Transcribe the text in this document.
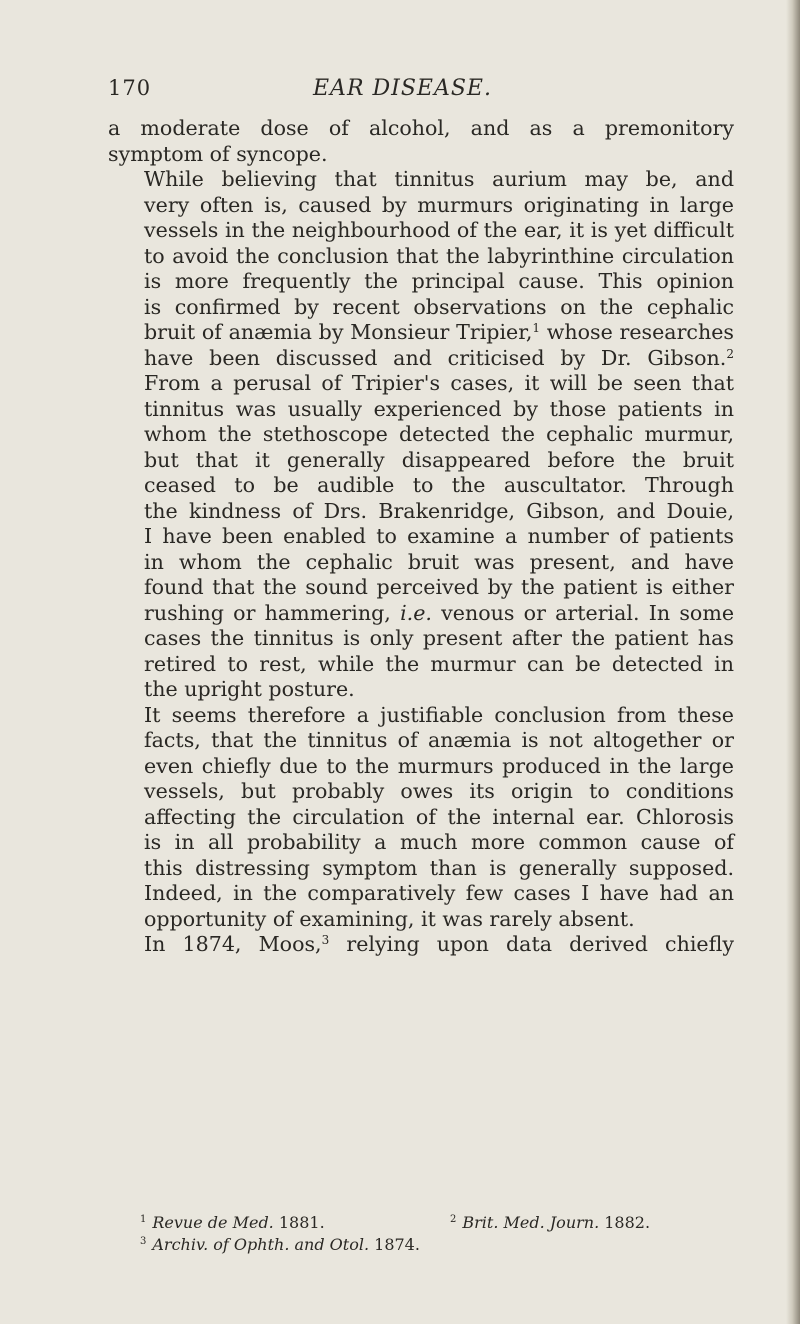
170	EAR DISEASE.

a moderate dose of alcohol, and as a premonitory
symptom of syncope.

While believing that tinnitus aurium may be, and
very often is, caused by murmurs originating in large
vessels in the neighbourhood of the ear, it is yet difficult
to avoid the conclusion that the labyrinthine circulation
is more frequently the principal cause. This opinion
is confirmed by recent observations on the cephalic
bruit of anæmia by Monsieur Tripier,$^1$ whose researches
have been discussed and criticised by Dr. Gibson.$^2$
From a perusal of Tripier's cases, it will be seen that
tinnitus was usually experienced by those patients in
whom the stethoscope detected the cephalic murmur,
but that it generally disappeared before the bruit
ceased to be audible to the auscultator. Through
the kindness of Drs. Brakenridge, Gibson, and Douie,
I have been enabled to examine a number of patients
in whom the cephalic bruit was present, and have
found that the sound perceived by the patient is either
rushing or hammering, i.e. venous or arterial. In some
cases the tinnitus is only present after the patient has
retired to rest, while the murmur can be detected in
the upright posture.

It seems therefore a justifiable conclusion from these
facts, that the tinnitus of anæmia is not altogether or
even chiefly due to the murmurs produced in the large
vessels, but probably owes its origin to conditions
affecting the circulation of the internal ear. Chlorosis
is in all probability a much more common cause of
this distressing symptom than is generally supposed.
Indeed, in the comparatively few cases I have had an
opportunity of examining, it was rarely absent.

In 1874, Moos,$^3$ relying upon data derived chiefly

$^1$ Revue de Med. 1881.	$^2$ Brit. Med. Journ. 1882.
$^3$ Archiv. of Ophth. and Otol. 1874.
